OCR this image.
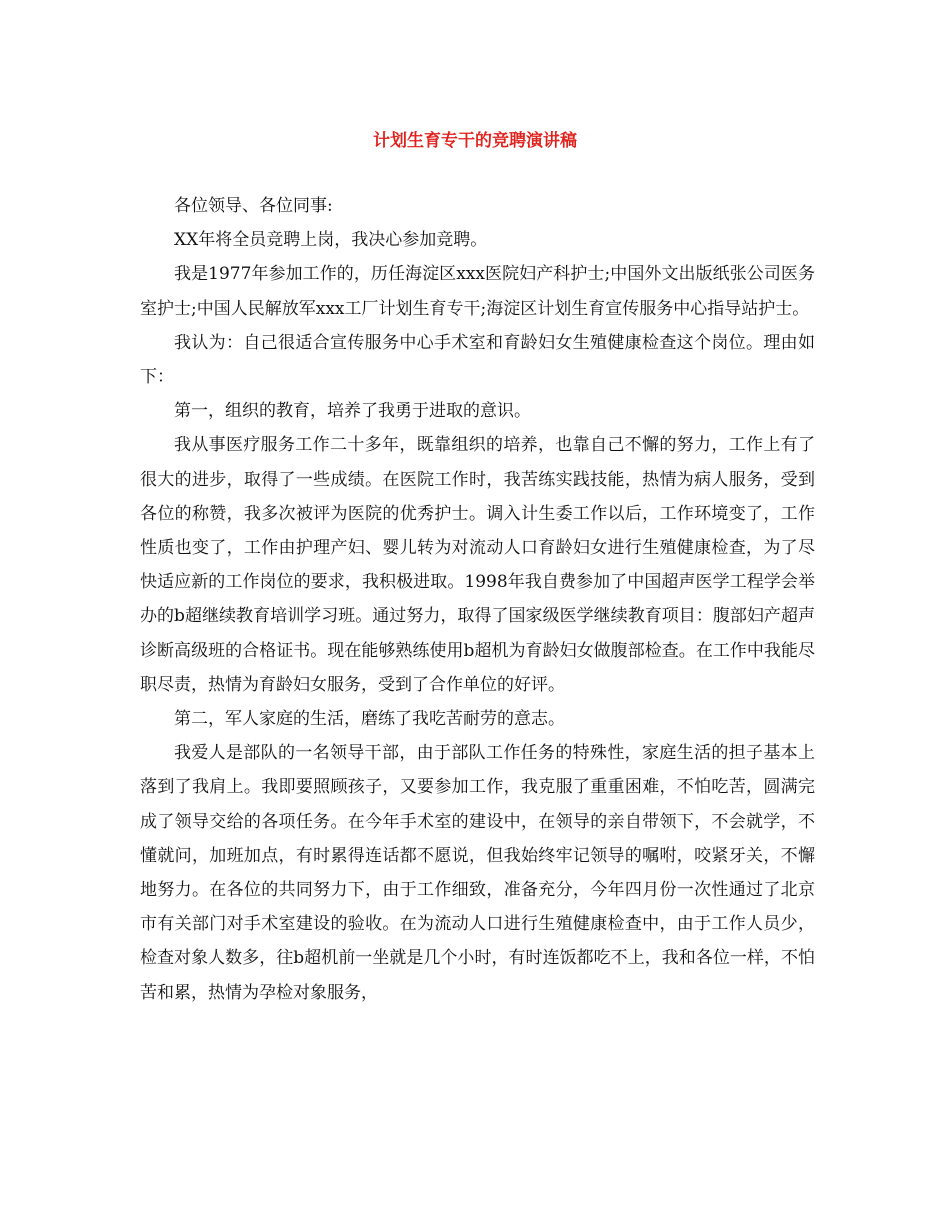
计划生育专干的竞聘演讲稿

各位领导、各位同事:

XX年将全员竞聘上岗，我决心参加竞聘。

我是1977年参加工作的，历任海淀区xxx医院妇产科护士;中国外文出版纸张公司医务室护士;中国人民解放军xxx工厂计划生育专干;海淀区计划生育宣传服务中心指导站护士。

我认为：自己很适合宣传服务中心手术室和育龄妇女生殖健康检查这个岗位。理由如下：

第一，组织的教育，培养了我勇于进取的意识。

我从事医疗服务工作二十多年，既靠组织的培养，也靠自己不懈的努力，工作上有了很大的进步，取得了一些成绩。在医院工作时，我苦练实践技能，热情为病人服务，受到各位的称赞，我多次被评为医院的优秀护士。调入计生委工作以后，工作环境变了，工作性质也变了，工作由护理产妇、婴儿转为对流动人口育龄妇女进行生殖健康检查，为了尽快适应新的工作岗位的要求，我积极进取。1998年我自费参加了中国超声医学工程学会举办的b超继续教育培训学习班。通过努力，取得了国家级医学继续教育项目：腹部妇产超声诊断高级班的合格证书。现在能够熟练使用b超机为育龄妇女做腹部检查。在工作中我能尽职尽责，热情为育龄妇女服务，受到了合作单位的好评。

第二，军人家庭的生活，磨练了我吃苦耐劳的意志。

我爱人是部队的一名领导干部，由于部队工作任务的特殊性，家庭生活的担子基本上落到了我肩上。我即要照顾孩子，又要参加工作，我克服了重重困难，不怕吃苦，圆满完成了领导交给的各项任务。在今年手术室的建设中，在领导的亲自带领下，不会就学，不懂就问，加班加点，有时累得连话都不愿说，但我始终牢记领导的嘱咐，咬紧牙关，不懈地努力。在各位的共同努力下，由于工作细致，准备充分，今年四月份一次性通过了北京市有关部门对手术室建设的验收。在为流动人口进行生殖健康检查中，由于工作人员少，检查对象人数多，往b超机前一坐就是几个小时，有时连饭都吃不上，我和各位一样，不怕苦和累，热情为孕检对象服务，
